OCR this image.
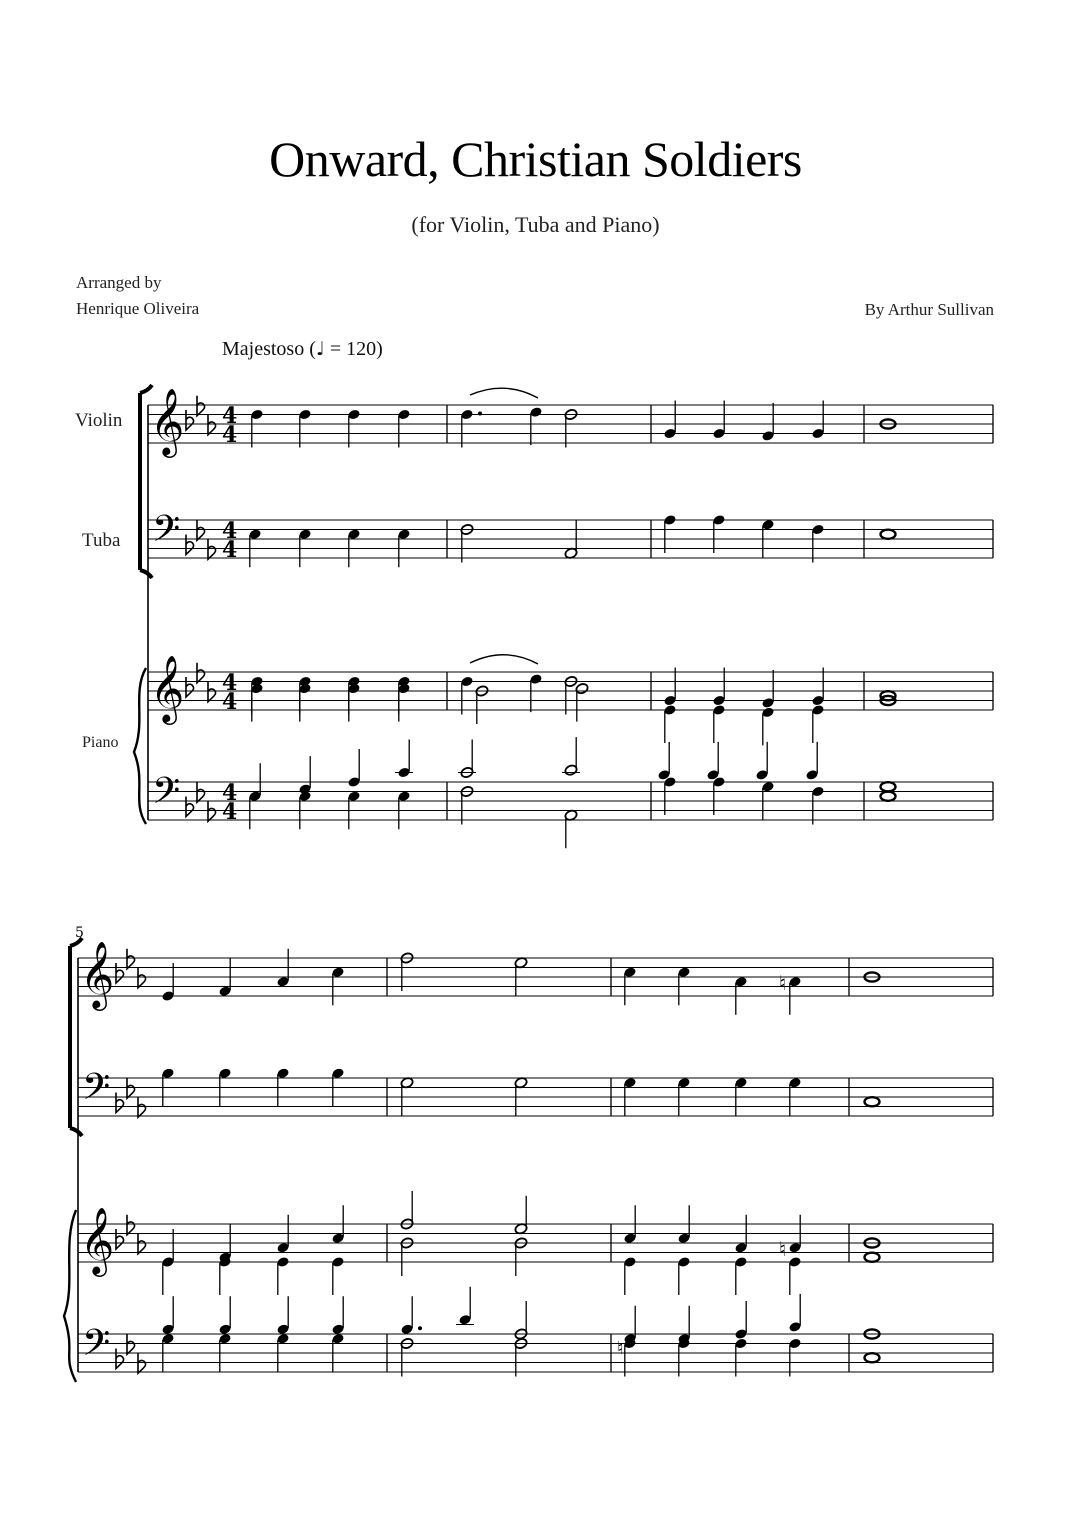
Onward, Christian Soldiers
(for Violin, Tuba and Piano)
Arranged by
Henrique Oliveira	By Arthur Sullivan
Majestoso (♩ = 120)
Violin
Tuba
Piano
𝄞 4
4
𝄢 4
4
𝄞 4
4
𝄢 4
4
5
𝄞
𝄢
𝄞
𝄢
♮
♮
♮
